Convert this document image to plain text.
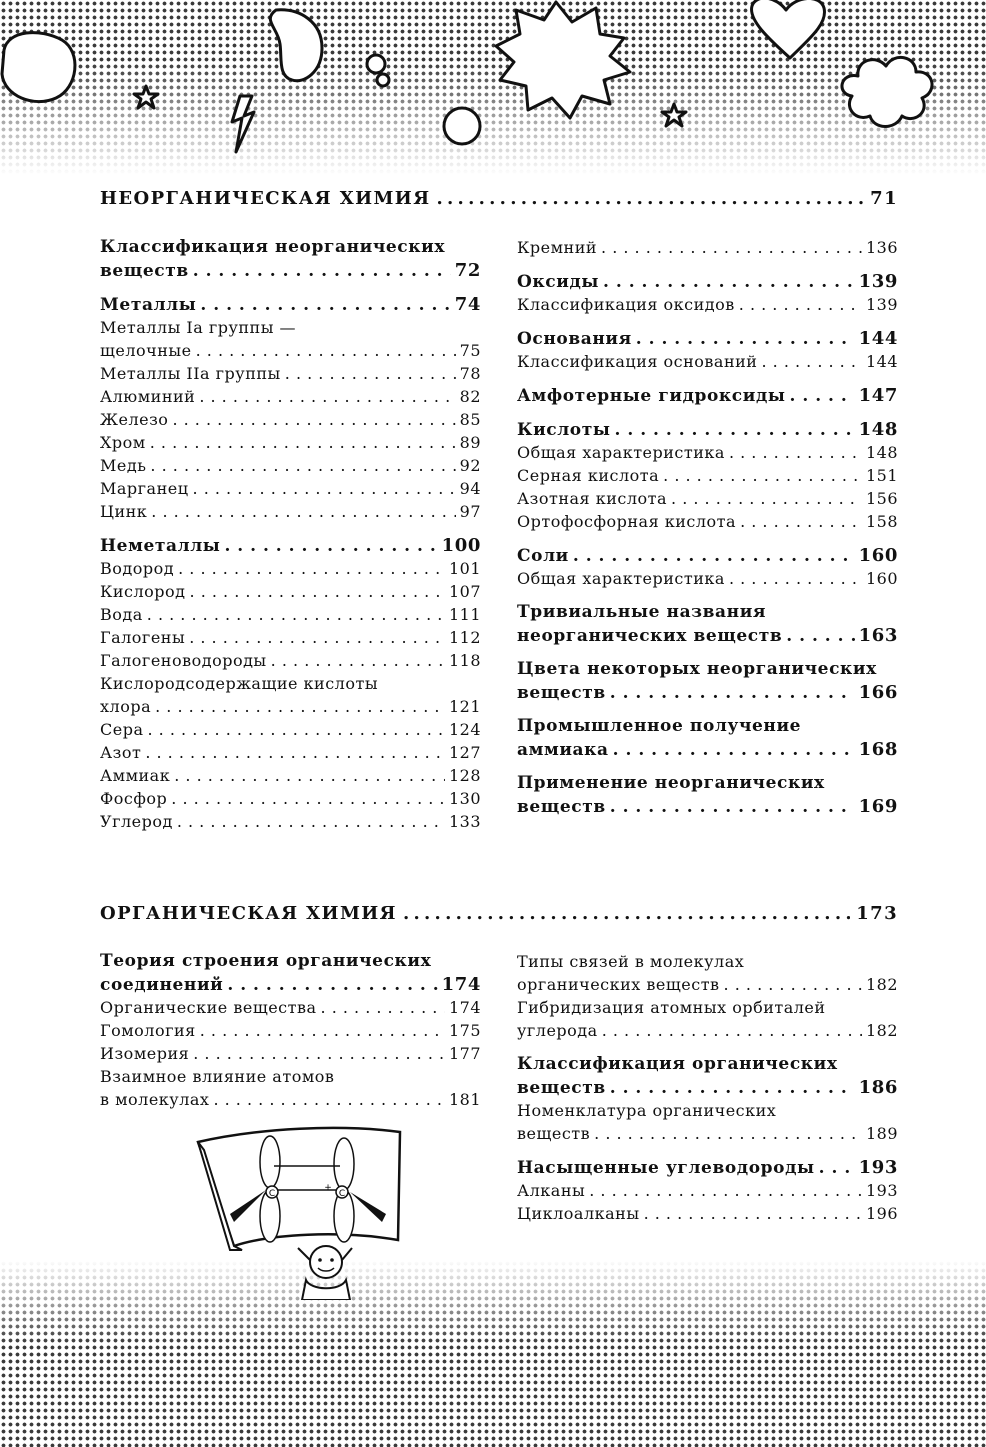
НЕОРГАНИЧЕСКАЯ ХИМИЯ . . .	71
Классификация неорганических
веществ . . .	72
Металлы . . .	74
Металлы Iа группы —
щелочные . . .	75
Металлы IIа группы . . .	78
Алюминий . . .	82
Железо . . .	85
Хром . . .	89
Медь . . .	92
Марганец . . .	94
Цинк . . .	97
Неметаллы . . .	100
Водород . . .	101
Кислород . . .	107
Вода . . .	111
Галогены . . .	112
Галогеноводороды . . .	118
Кислородсодержащие кислоты
хлора . . .	121
Сера . . .	124
Азот . . .	127
Аммиак . . .	128
Фосфор . . .	130
Углерод . . .	133
Кремний . . .	136
Оксиды . . .	139
Классификация оксидов . . .	139
Основания . . .	144
Классификация оснований . . .	144
Амфотерные гидроксиды . . .	147
Кислоты . . .	148
Общая характеристика . . .	148
Серная кислота . . .	151
Азотная кислота . . .	156
Ортофосфорная кислота . . .	158
Соли . . .	160
Общая характеристика . . .	160
Тривиальные названия
неорганических веществ . . .	163
Цвета некоторых неорганических
веществ . . .	166
Промышленное получение
аммиака . . .	168
Применение неорганических
веществ . . .	169
ОРГАНИЧЕСКАЯ ХИМИЯ . . .	173
Теория строения органических
соединений . . .	174
Органические вещества . . .	174
Гомология . . .	175
Изомерия . . .	177
Взаимное влияние атомов
в молекулах . . .	181
Типы связей в молекулах
органических веществ . . .	182
Гибридизация атомных орбиталей
углерода . . .	182
Классификация органических
веществ . . .	186
Номенклатура органических
веществ . . .	189
Насыщенные углеводороды . . . 193
Алканы . . .	193
Циклоалканы . . .	196
C	C
+
